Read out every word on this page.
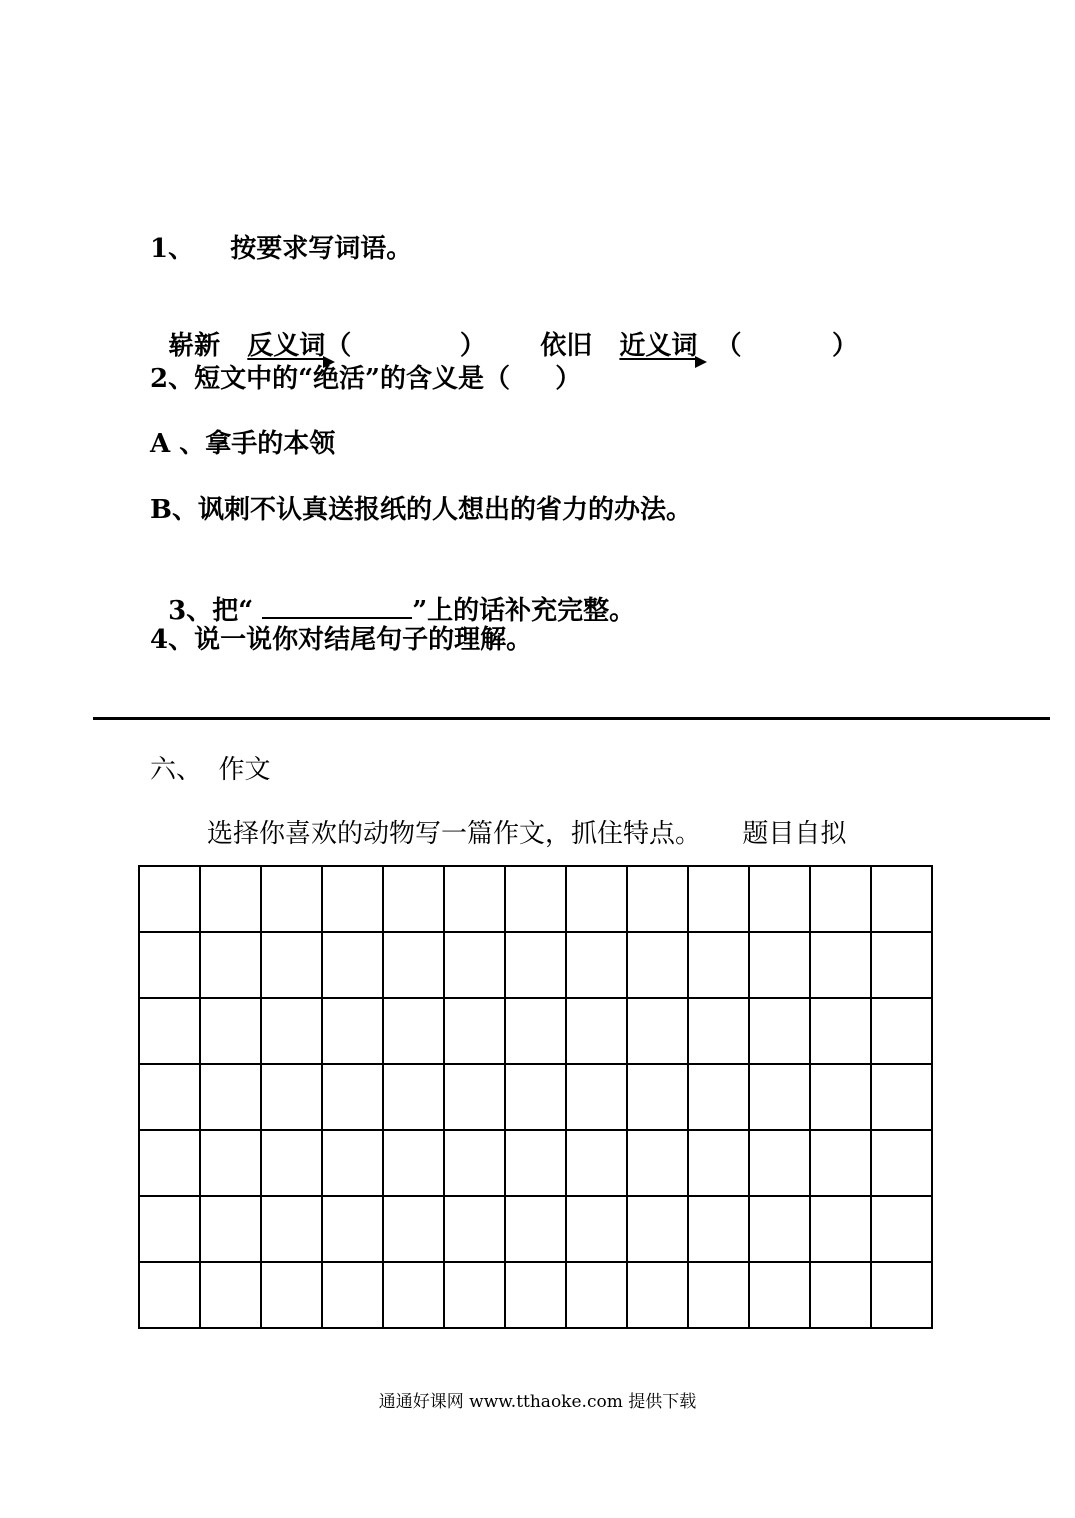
1、    按要求写词语。

崭新 反义词
（            ） 依旧 近义词 （          ）

2、短文中的“绝活”的含义是（     ）
A 、拿手的本领
B、讽刺不认真送报纸的人想出的省力的办法。

3、把“	”上的话补充完整。

4、说一说你对结尾句子的理解。
六、  作文
选择你喜欢的动物写一篇作文，抓住特点。     题目自拟
通通好课网 www.tthaoke.com 提供下载
